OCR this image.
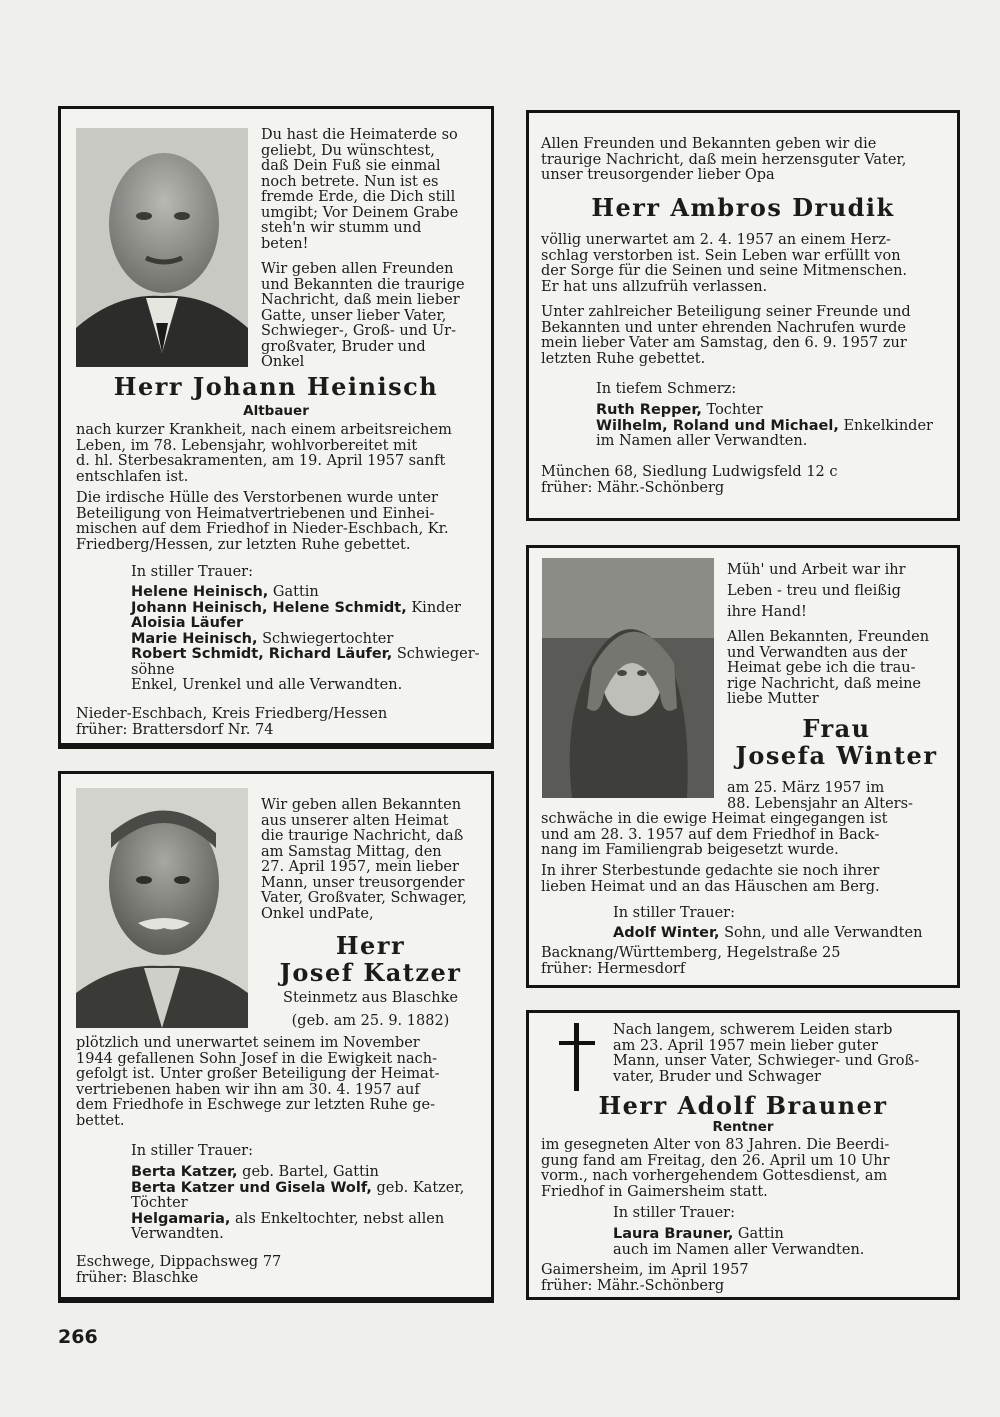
Du hast die Heimaterde so
geliebt, Du wünschtest,
daß Dein Fuß sie einmal
noch betrete. Nun ist es
fremde Erde, die Dich still
umgibt; Vor Deinem Grabe
steh'n wir stumm und
beten!
Wir geben allen Freunden
und Bekannten die traurige
Nachricht, daß mein lieber
Gatte, unser lieber Vater,
Schwieger-, Groß- und Ur-
großvater, Bruder und
Onkel
Herr Johann Heinisch
Altbauer
nach kurzer Krankheit, nach einem arbeitsreichem
Leben, im 78. Lebensjahr, wohlvorbereitet mit
d. hl. Sterbesakramenten, am 19. April 1957 sanft
entschlafen ist.
Die irdische Hülle des Verstorbenen wurde unter
Beteiligung von Heimatvertriebenen und Einhei-
mischen auf dem Friedhof in Nieder-Eschbach, Kr.
Friedberg/Hessen, zur letzten Ruhe gebettet.
In stiller Trauer:
Helene Heinisch, Gattin
Johann Heinisch, Helene Schmidt, Kinder
Aloisia Läufer
Marie Heinisch, Schwiegertochter
Robert Schmidt, Richard Läufer, Schwieger-
söhne
Enkel, Urenkel und alle Verwandten.
Nieder-Eschbach, Kreis Friedberg/Hessen
früher: Brattersdorf Nr. 74
Allen Freunden und Bekannten geben wir die
traurige Nachricht, daß mein herzensguter Vater,
unser treusorgender lieber Opa
Herr Ambros Drudik
völlig unerwartet am 2. 4. 1957 an einem Herz-
schlag verstorben ist. Sein Leben war erfüllt von
der Sorge für die Seinen und seine Mitmenschen.
Er hat uns allzufrüh verlassen.
Unter zahlreicher Beteiligung seiner Freunde und
Bekannten und unter ehrenden Nachrufen wurde
mein lieber Vater am Samstag, den 6. 9. 1957 zur
letzten Ruhe gebettet.
In tiefem Schmerz:
Ruth Repper, Tochter
Wilhelm, Roland und Michael, Enkelkinder
im Namen aller Verwandten.
München 68, Siedlung Ludwigsfeld 12 c
früher: Mähr.-Schönberg
Müh' und Arbeit war ihr
Leben - treu und fleißig
ihre Hand!
Allen Bekannten, Freunden
und Verwandten aus der
Heimat gebe ich die trau-
rige Nachricht, daß meine
liebe Mutter
Frau
Josefa Winter
am 25. März 1957 im
88. Lebensjahr an Alters-
schwäche in die ewige Heimat eingegangen ist
und am 28. 3. 1957 auf dem Friedhof in Back-
nang im Familiengrab beigesetzt wurde.
In ihrer Sterbestunde gedachte sie noch ihrer
lieben Heimat und an das Häuschen am Berg.
In stiller Trauer:
Adolf Winter, Sohn, und alle Verwandten
Backnang/Württemberg, Hegelstraße 25
früher: Hermesdorf
Wir geben allen Bekannten
aus unserer alten Heimat
die traurige Nachricht, daß
am Samstag Mittag, den
27. April 1957, mein lieber
Mann, unser treusorgender
Vater, Großvater, Schwager,
Onkel undPate,
Herr
Josef Katzer
Steinmetz aus Blaschke
(geb. am 25. 9. 1882)
plötzlich und unerwartet seinem im November
1944 gefallenen Sohn Josef in die Ewigkeit nach-
gefolgt ist. Unter großer Beteiligung der Heimat-
vertriebenen haben wir ihn am 30. 4. 1957 auf
dem Friedhofe in Eschwege zur letzten Ruhe ge-
bettet.
In stiller Trauer:
Berta Katzer, geb. Bartel, Gattin
Berta Katzer und Gisela Wolf, geb. Katzer,
Töchter
Helgamaria, als Enkeltochter, nebst allen
Verwandten.
Eschwege, Dippachsweg 77
früher: Blaschke
Nach langem, schwerem Leiden starb
am 23. April 1957 mein lieber guter
Mann, unser Vater, Schwieger- und Groß-
vater, Bruder und Schwager
Herr Adolf Brauner
Rentner
im gesegneten Alter von 83 Jahren. Die Beerdi-
gung fand am Freitag, den 26. April um 10 Uhr
vorm., nach vorhergehendem Gottesdienst, am
Friedhof in Gaimersheim statt.
In stiller Trauer:
Laura Brauner, Gattin
auch im Namen aller Verwandten.
Gaimersheim, im April 1957
früher: Mähr.-Schönberg
266
